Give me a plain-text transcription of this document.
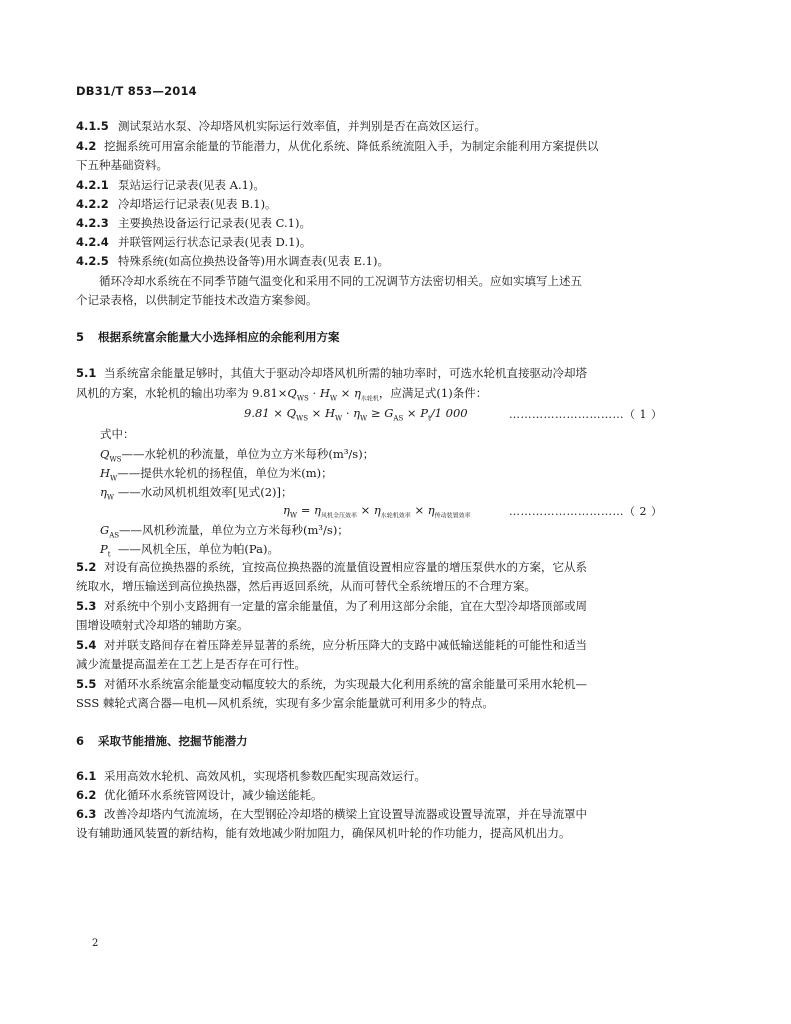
DB31/T 853—2014
4.1.5 测试泵站水泵、冷却塔风机实际运行效率值，并判别是否在高效区运行。
4.2 挖掘系统可用富余能量的节能潜力，从优化系统、降低系统流阻入手，为制定余能利用方案提供以
下五种基础资料。
4.2.1 泵站运行记录表(见表 A.1)。
4.2.2 冷却塔运行记录表(见表 B.1)。
4.2.3 主要换热设备运行记录表(见表 C.1)。
4.2.4 并联管网运行状态记录表(见表 D.1)。
4.2.5 特殊系统(如高位换热设备等)用水调查表(见表 E.1)。
循环冷却水系统在不同季节随气温变化和采用不同的工况调节方法密切相关。应如实填写上述五
个记录表格，以供制定节能技术改造方案参阅。
5 根据系统富余能量大小选择相应的余能利用方案
5.1 当系统富余能量足够时，其值大于驱动冷却塔风机所需的轴功率时，可选水轮机直接驱动冷却塔
风机的方案，水轮机的输出功率为 $9.81\times Q_{WS} \cdot H_W \times \eta_{水轮机}$，应满足式(1)条件：
$9.81 \times Q_{WS} \times H_W \cdot \eta_W \ge G_{AS} \times P_t/1$ 000	…………………………（ 1 ）
式中：
$Q_{WS}——$水轮机的秒流量，单位为立方米每秒(m³/s)；
$H_W——$提供水轮机的扬程值，单位为米(m)；
$\eta_W$ ——水动风机机组效率[见式(2)]；
$\eta_W = \eta_{风机全压效率} \times \eta_{水轮机效率} \times \eta_{传动装置效率}$	…………………………（ 2 ）
$G_{AS}——$风机秒流量，单位为立方米每秒(m³/s)；
$P_t$ ——风机全压，单位为帕(Pa)。
5.2 对设有高位换热器的系统，宜按高位换热器的流量值设置相应容量的增压泵供水的方案，它从系
统取水，增压输送到高位换热器，然后再返回系统，从而可替代全系统增压的不合理方案。
5.3 对系统中个别小支路拥有一定量的富余能量值，为了利用这部分余能，宜在大型冷却塔顶部或周
围增设喷射式冷却塔的辅助方案。
5.4 对并联支路间存在着压降差异显著的系统，应分析压降大的支路中减低输送能耗的可能性和适当
减少流量提高温差在工艺上是否存在可行性。
5.5 对循环水系统富余能量变动幅度较大的系统，为实现最大化利用系统的富余能量可采用水轮机—
SSS 棘轮式离合器—电机—风机系统，实现有多少富余能量就可利用多少的特点。
6 采取节能措施、挖掘节能潜力
6.1 采用高效水轮机、高效风机，实现塔机参数匹配实现高效运行。
6.2 优化循环水系统管网设计，减少输送能耗。
6.3 改善冷却塔内气流流场，在大型钢砼冷却塔的横梁上宜设置导流器或设置导流罩，并在导流罩中
设有辅助通风装置的新结构，能有效地减少附加阻力，确保风机叶轮的作功能力，提高风机出力。
2
